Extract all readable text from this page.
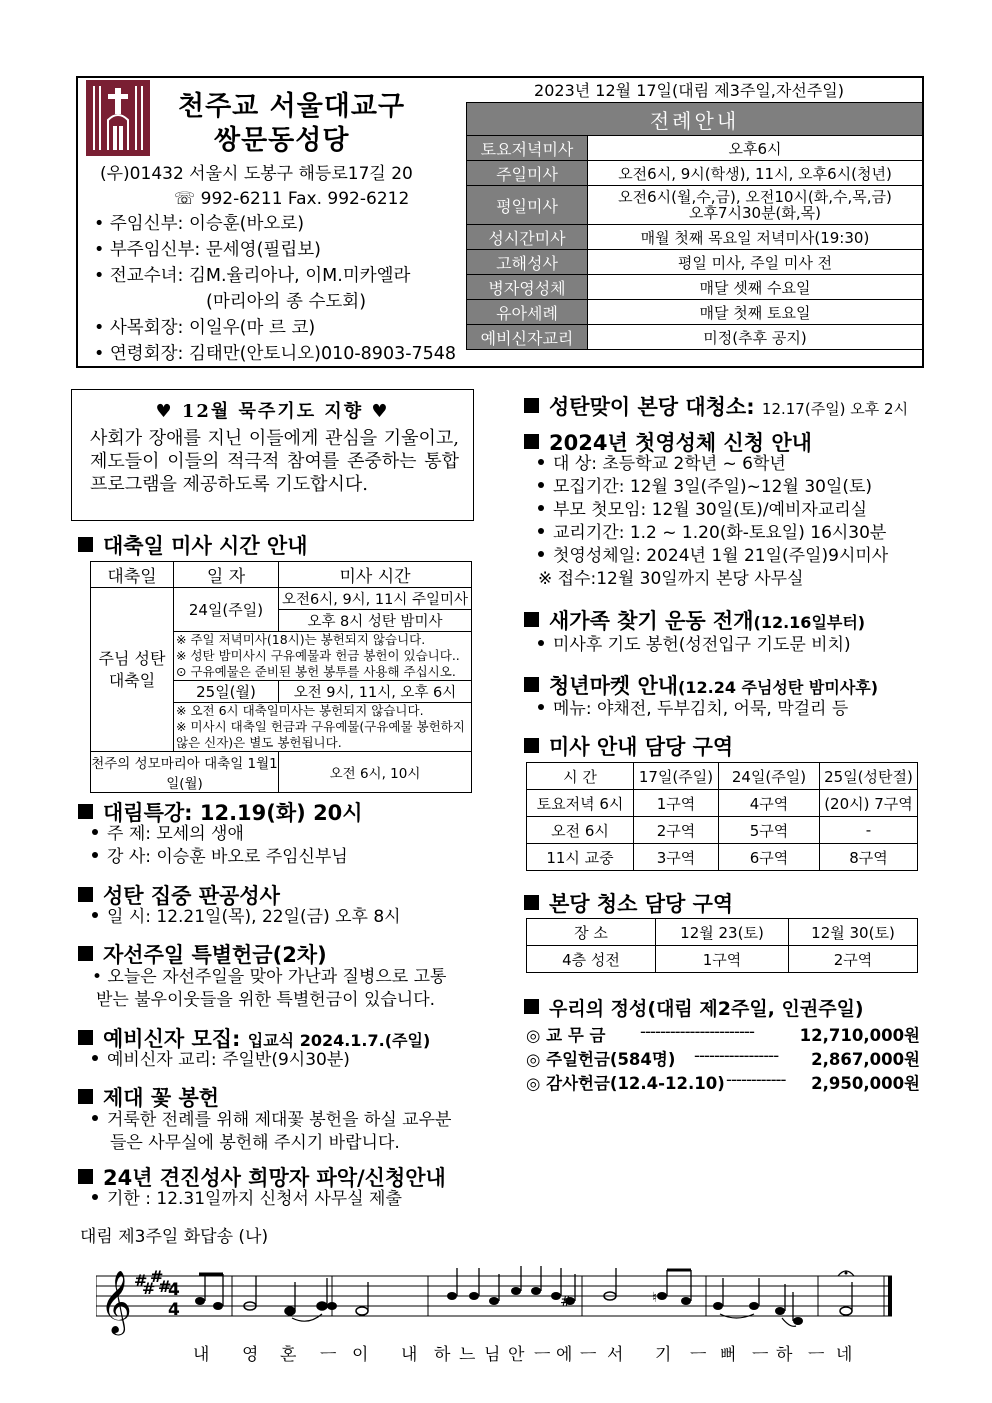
천주교 서울대교구
쌍문동성당
(우)01432 서울시 도봉구 해등로17길 20
☏ 992-6211 Fax. 992-6212
• 주임신부: 이승훈(바오로)
• 부주임신부: 문세영(필립보)
• 전교수녀: 김M.율리아나, 이M.미카엘라
(마리아의 종 수도회)
• 사목회장: 이일우(마 르 코)
• 연령회장: 김태만(안토니오)010-8903-7548
2023년 12월 17일(대림 제3주일,자선주일)
전례안내	
토요저녁미사	오후6시
주일미사	오전6시, 9시(학생), 11시, 오후6시(청년)
평일미사	오전6시(월,수,금), 오전10시(화,수,목,금)
오후7시30분(화,목)

성시간미사	매월 첫째 목요일 저녁미사(19:30)
고해성사	평일 미사, 주일 미사 전
병자영성체	매달 셋째 수요일
유아세례	매달 첫째 토요일
예비신자교리	미정(추후 공지)
♥ 12월 묵주기도 지향 ♥
사회가 장애를 지닌 이들에게 관심을 기울이고, 제도들이 이들의 적극적 참여를 존중하는 통합 프로그램을 제공하도록 기도합시다.
대축일 미사 시간 안내
대축일	일 자	미사 시간
주님 성탄 대축일	24일(주일)	오전6시, 9시, 11시 주일미사
		오후 8시 성탄 밤미사
	※ 주일 저녁미사(18시)는 봉헌되지 않습니다.	
	※ 성탄 밤미사시 구유예물과 헌금 봉헌이 있습니다..	
	⊙ 구유예물은 준비된 봉헌 봉투를 사용해 주십시오.	
	25일(월)	오전 9시, 11시, 오후 6시
	※ 오전 6시 대축일미사는 봉헌되지 않습니다.	
	※ 미사시 대축일 헌금과 구유예물(구유예물 봉헌하지 않은 신자)은 별도 봉헌됩니다.	
천주의 성모마리아 대축일 1월1일(월)		오전 6시, 10시
대림특강: 12.19(화) 20시
주 제: 모세의 생애
강 사: 이승훈 바오로 주임신부님
성탄 집중 판공성사
일 시: 12.21일(목), 22일(금) 오후 8시
자선주일 특별헌금(2차)
• 오늘은 자선주일을 맞아 가난과 질병으로 고통
받는 불우이웃들을 위한 특별헌금이 있습니다.
예비신자 모집: 입교식 2024.1.7.(주일)
예비신자 교리: 주일반(9시30분)
제대 꽃 봉헌
거룩한 전례를 위해 제대꽃 봉헌을 하실 교우분
들은 사무실에 봉헌해 주시기 바랍니다.
24년 견진성사 희망자 파악/신청안내
기한 : 12.31일까지 신청서 사무실 제출
성탄맞이 본당 대청소: 12.17(주일) 오후 2시
2024년 첫영성체 신청 안내
대 상: 초등학교 2학년 ~ 6학년
모집기간: 12월 3일(주일)~12월 30일(토)
부모 첫모임: 12월 30일(토)/예비자교리실
교리기간: 1.2 ~ 1.20(화-토요일) 16시30분
첫영성체일: 2024년 1월 21일(주일)9시미사
※ 접수:12월 30일까지 본당 사무실
새가족 찾기 운동 전개(12.16일부터)
미사후 기도 봉헌(성전입구 기도문 비치)
청년마켓 안내(12.24 주님성탄 밤미사후)
메뉴: 야채전, 두부김치, 어묵, 막걸리 등
미사 안내 담당 구역
시 간	17일(주일)	24일(주일)	25일(성탄절)
토요저녁 6시	1구역	4구역	(20시) 7구역
오전 6시	2구역	5구역	-
11시 교중	3구역	6구역	8구역
본당 청소 담당 구역
장 소	12월 23(토)	12월 30(토)
4층 성전	1구역	2구역
우리의 정성(대림 제2주일, 인권주일)
◎ 교 무 금 -----------------------	12,710,000원
◎ 주일헌금(584명) ----------------- 2,867,000원
◎ 감사헌금(12.4-12.10) ------------ 2,950,000원
대림 제3주일 화답송 (나)
𝄞 #
#
#
#
4
4	#	♮
내 영 혼 ㅡ 이 내 하 느 님 안 ㅡ 에 ㅡ 서 기 ㅡ 뻐 ㅡ 하 ㅡ 네
